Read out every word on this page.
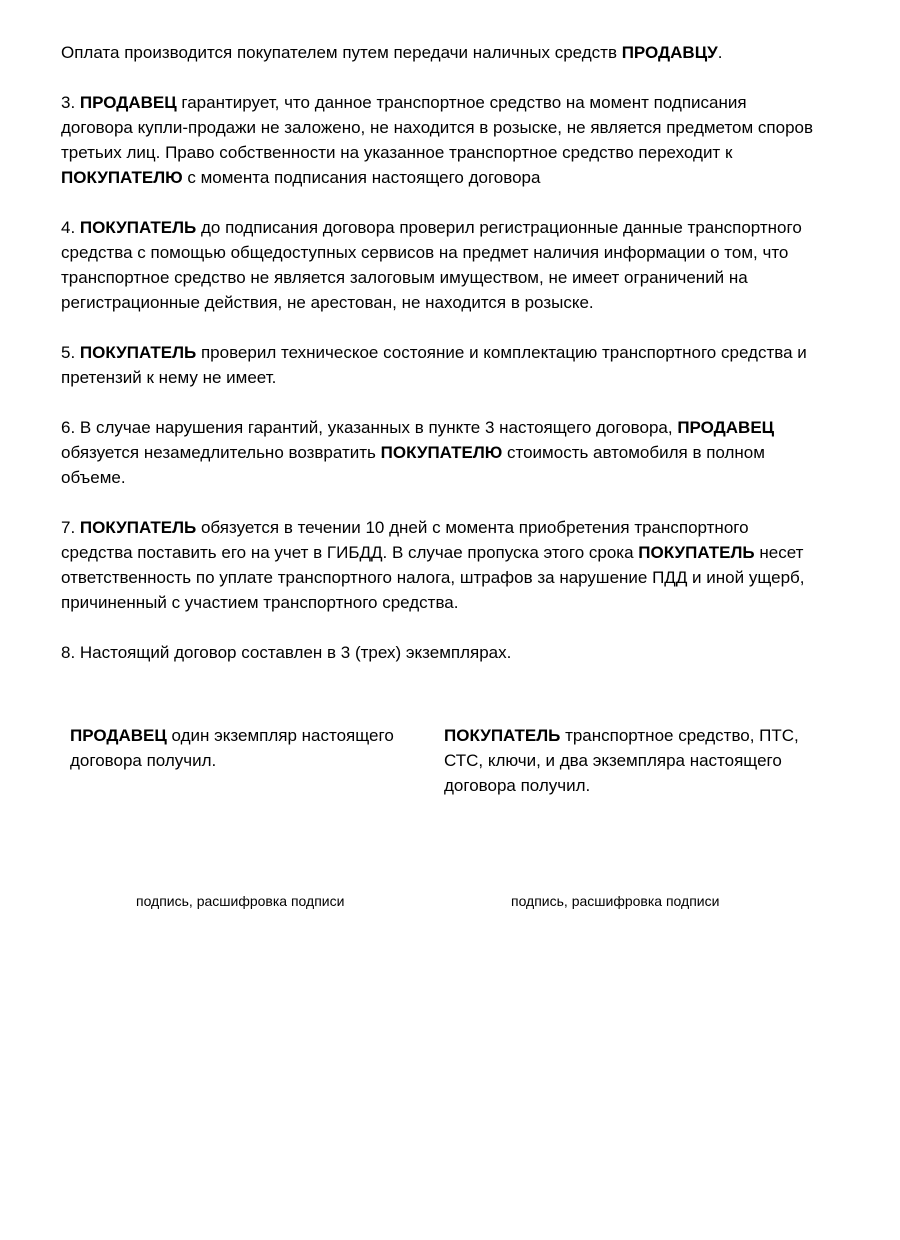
Оплата производится покупателем путем передачи наличных средств ПРОДАВЦУ.

3. ПРОДАВЕЦ гарантирует, что данное транспортное средство на момент подписания договора купли-продажи не заложено, не находится в розыске, не является предметом споров третьих лиц. Право собственности на указанное транспортное средство переходит к ПОКУПАТЕЛЮ с момента подписания настоящего договора

4. ПОКУПАТЕЛЬ до подписания договора проверил регистрационные данные транспортного средства с помощью общедоступных сервисов на предмет наличия информации о том, что транспортное средство не является залоговым имуществом, не имеет ограничений на регистрационные действия, не арестован, не находится в розыске.

5. ПОКУПАТЕЛЬ проверил техническое состояние и комплектацию транспортного средства и претензий к нему не имеет.

6. В случае нарушения гарантий, указанных в пункте 3 настоящего договора, ПРОДАВЕЦ обязуется незамедлительно возвратить ПОКУПАТЕЛЮ стоимость автомобиля в полном объеме.

7. ПОКУПАТЕЛЬ обязуется в течении 10 дней с момента приобретения транспортного средства поставить его на учет в ГИБДД. В случае пропуска этого срока ПОКУПАТЕЛЬ несет ответственность по уплате транспортного налога, штрафов за нарушение ПДД и иной ущерб, причиненный с участием транспортного средства.

8. Настоящий договор составлен в 3 (трех) экземплярах.

ПРОДАВЕЦ один экземпляр настоящего договора получил.
ПОКУПАТЕЛЬ транспортное средство, ПТС, СТС, ключи, и два экземпляра настоящего договора получил.
подпись, расшифровка подписи	подпись, расшифровка подписи
